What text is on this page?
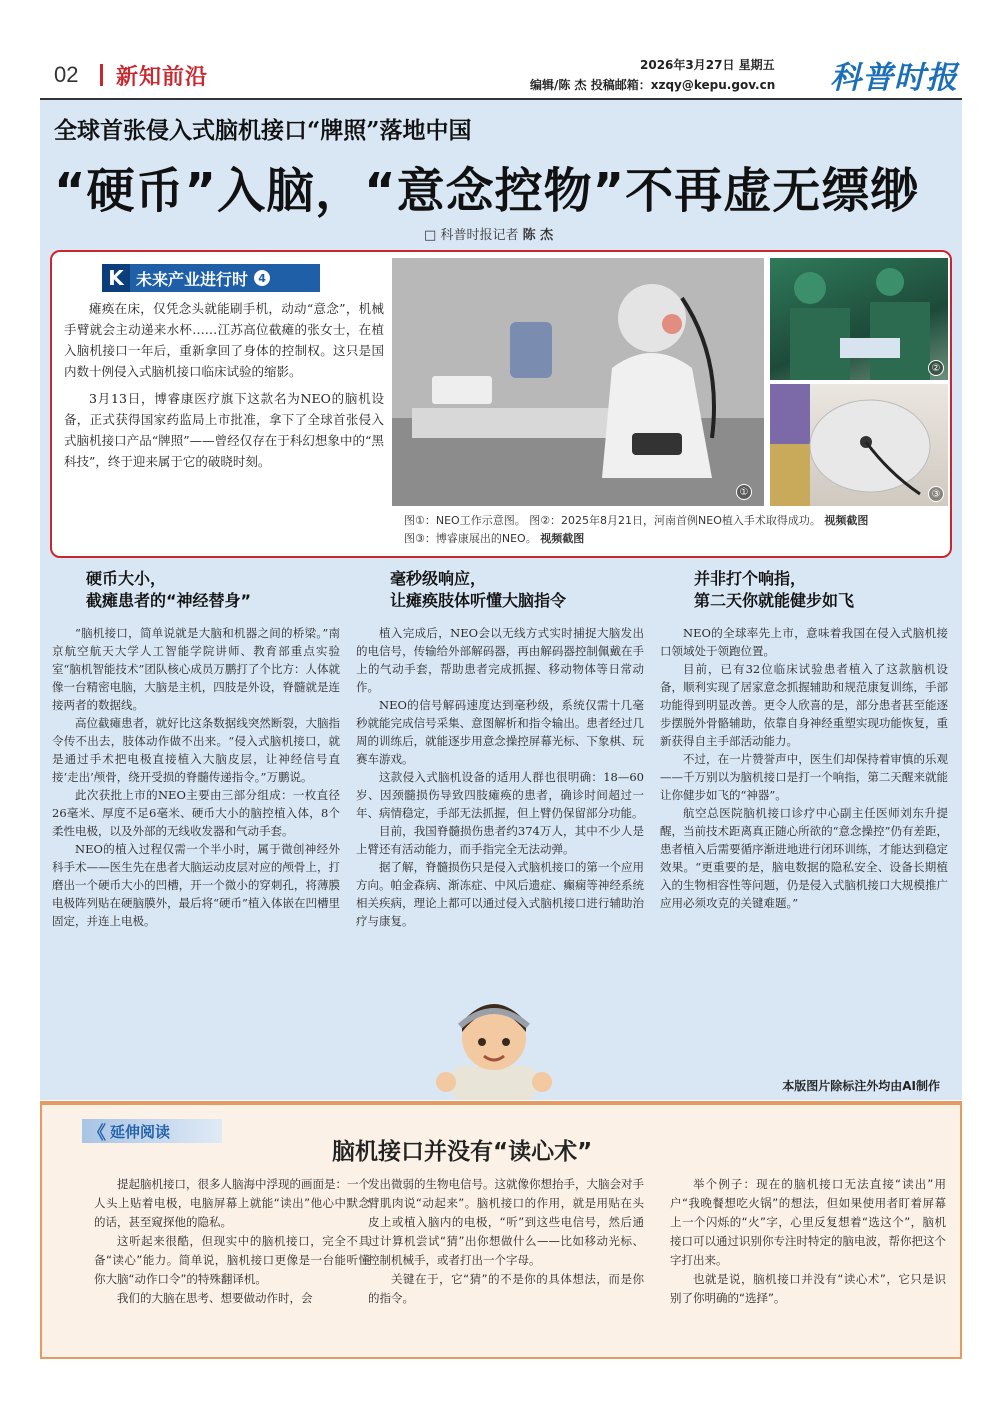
02 新知前沿	2026年3月27日 星期五
编辑/陈 杰 投稿邮箱：xzqy@kepu.gov.cn 科普时报
全球首张侵入式脑机接口“牌照”落地中国
“硬币”入脑，“意念控物”不再虚无缥缈
□ 科普时报记者 陈 杰
K 未来产业进行时 4

瘫痪在床，仅凭念头就能刷手机，动动“意念”，机械手臂就会主动递来水杯……江苏高位截瘫的张女士，在植入脑机接口一年后，重新拿回了身体的控制权。这只是国内数十例侵入式脑机接口临床试验的缩影。

3月13日，博睿康医疗旗下这款名为NEO的脑机设备，正式获得国家药监局上市批准，拿下了全球首张侵入式脑机接口产品“牌照”——曾经仅存在于科幻想象中的“黑科技”，终于迎来属于它的破晓时刻。

①
②
③
图①：NEO工作示意图。 图②：2025年8月21日，河南首例NEO植入手术取得成功。 视频截图
图③：博睿康展出的NEO。 视频截图
硬币大小，
截瘫患者的“神经替身”

“脑机接口，简单说就是大脑和机器之间的桥梁。”南京航空航天大学人工智能学院讲师、教育部重点实验室“脑机智能技术”团队核心成员万鹏打了个比方：人体就像一台精密电脑，大脑是主机，四肢是外设，脊髓就是连接两者的数据线。

高位截瘫患者，就好比这条数据线突然断裂，大脑指令传不出去，肢体动作做不出来。“侵入式脑机接口，就是通过手术把电极直接植入大脑皮层，让神经信号直接‘走出’颅骨，绕开受损的脊髓传递指令。”万鹏说。

此次获批上市的NEO主要由三部分组成：一枚直径26毫米、厚度不足6毫米、硬币大小的脑控植入体，8个柔性电极，以及外部的无线收发器和气动手套。

NEO的植入过程仅需一个半小时，属于微创神经外科手术——医生先在患者大脑运动皮层对应的颅骨上，打磨出一个硬币大小的凹槽，开一个微小的穿刺孔，将薄膜电极阵列贴在硬脑膜外，最后将“硬币”植入体嵌在凹槽里固定，并连上电极。

毫秒级响应，
让瘫痪肢体听懂大脑指令

植入完成后，NEO会以无线方式实时捕捉大脑发出的电信号，传输给外部解码器，再由解码器控制佩戴在手上的气动手套，帮助患者完成抓握、移动物体等日常动作。

NEO的信号解码速度达到毫秒级，系统仅需十几毫秒就能完成信号采集、意图解析和指令输出。患者经过几周的训练后，就能逐步用意念操控屏幕光标、下象棋、玩赛车游戏。

这款侵入式脑机设备的适用人群也很明确：18—60岁、因颈髓损伤导致四肢瘫痪的患者，确诊时间超过一年、病情稳定，手部无法抓握，但上臂仍保留部分功能。

目前，我国脊髓损伤患者约374万人，其中不少人是上臂还有活动能力，而手指完全无法动弹。

据了解，脊髓损伤只是侵入式脑机接口的第一个应用方向。帕金森病、渐冻症、中风后遗症、癫痫等神经系统相关疾病，理论上都可以通过侵入式脑机接口进行辅助治疗与康复。

并非打个响指，
第二天你就能健步如飞

NEO的全球率先上市，意味着我国在侵入式脑机接口领域处于领跑位置。

目前，已有32位临床试验患者植入了这款脑机设备，顺利实现了居家意念抓握辅助和规范康复训练，手部功能得到明显改善。更令人欣喜的是，部分患者甚至能逐步摆脱外骨骼辅助，依靠自身神经重塑实现功能恢复，重新获得自主手部活动能力。

不过，在一片赞誉声中，医生们却保持着审慎的乐观——千万别以为脑机接口是打一个响指，第二天醒来就能让你健步如飞的“神器”。

航空总医院脑机接口诊疗中心副主任医师刘东升提醒，当前技术距离真正随心所欲的“意念操控”仍有差距，患者植入后需要循序渐进地进行闭环训练，才能达到稳定效果。“更重要的是，脑电数据的隐私安全、设备长期植入的生物相容性等问题，仍是侵入式脑机接口大规模推广应用必须攻克的关键难题。”

本版图片除标注外均由AI制作
《 延伸阅读
脑机接口并没有“读心术”

提起脑机接口，很多人脑海中浮现的画面是：一个人头上贴着电极，电脑屏幕上就能“读出”他心中默念的话，甚至窥探他的隐私。

这听起来很酷，但现实中的脑机接口，完全不具备“读心”能力。简单说，脑机接口更像是一台能听懂你大脑“动作口令”的特殊翻译机。

我们的大脑在思考、想要做动作时，会

发出微弱的生物电信号。这就像你想抬手，大脑会对手臂肌肉说“动起来”。脑机接口的作用，就是用贴在头皮上或植入脑内的电极，“听”到这些电信号，然后通过计算机尝试“猜”出你想做什么——比如移动光标、控制机械手，或者打出一个字母。

关键在于，它“猜”的不是你的具体想法，而是你的指令。

举个例子：现在的脑机接口无法直接“读出”用户“我晚餐想吃火锅”的想法，但如果使用者盯着屏幕上一个闪烁的“火”字，心里反复想着“选这个”，脑机接口可以通过识别你专注时特定的脑电波，帮你把这个字打出来。

也就是说，脑机接口并没有“读心术”，它只是识别了你明确的“选择”。
